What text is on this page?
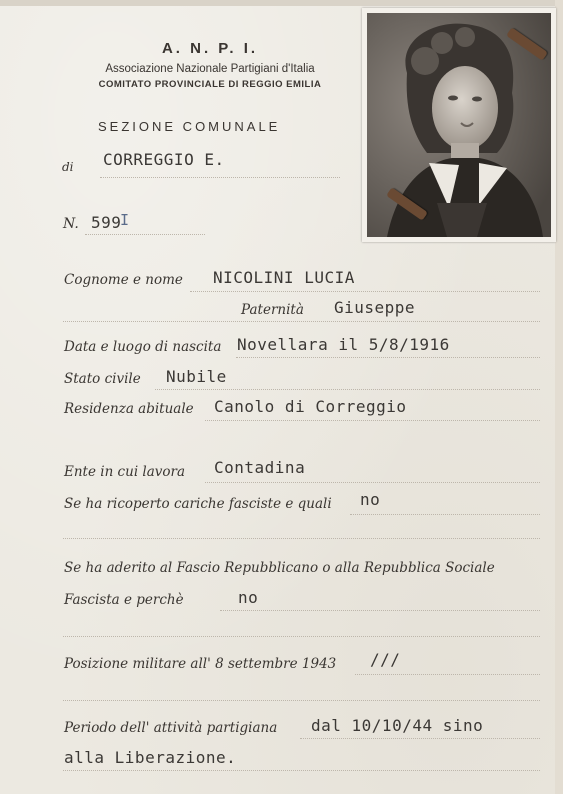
A. N. P. I.
Associazione Nazionale Partigiani d'Italia
COMITATO PROVINCIALE DI REGGIO EMILIA
SEZIONE COMUNALE
di CORREGGIO E.
N. 599
I
Cognome e nome NICOLINI LUCIA
Paternità Giuseppe
Data e luogo di nascita Novellara il 5/8/1916
Stato civile Nubile
Residenza abituale Canolo di Correggio
Ente in cui lavora Contadina
Se ha ricoperto cariche fasciste e quali no
Se ha aderito al Fascio Repubblicano o alla Repubblica Sociale
Fascista e perchè	no
Posizione militare all' 8 settembre 1943 ///
Periodo dell' attività partigiana dal 10/10/44 sino
alla Liberazione.
